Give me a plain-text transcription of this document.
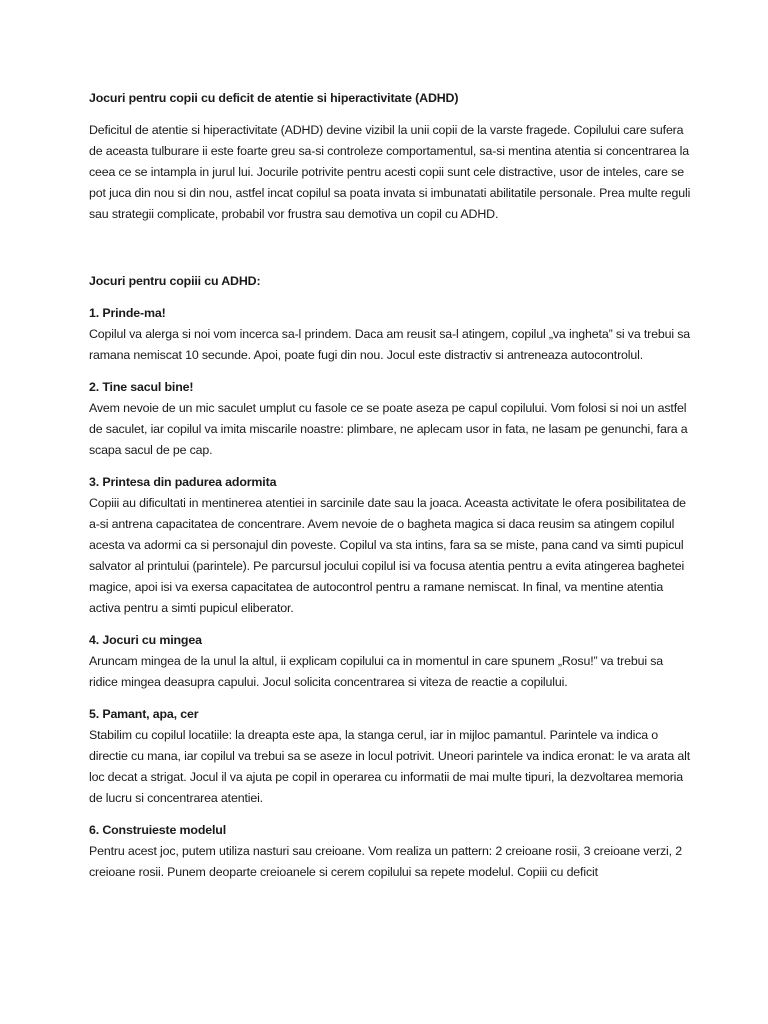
Jocuri pentru copii cu deficit de atentie si hiperactivitate (ADHD)

Deficitul de atentie si hiperactivitate (ADHD) devine vizibil la unii copii de la varste fragede. Copilului care sufera de aceasta tulburare ii este foarte greu sa-si controleze comportamentul, sa-si mentina atentia si concentrarea la ceea ce se intampla in jurul lui. Jocurile potrivite pentru acesti copii sunt cele distractive, usor de inteles, care se pot juca din nou si din nou, astfel incat copilul sa poata invata si imbunatati abilitatile personale. Prea multe reguli sau strategii complicate, probabil vor frustra sau demotiva un copil cu ADHD.

Jocuri pentru copiii cu ADHD:

1. Prinde-ma!
Copilul va alerga si noi vom incerca sa-l prindem. Daca am reusit sa-l atingem, copilul „va ingheta” si va trebui sa ramana nemiscat 10 secunde. Apoi, poate fugi din nou. Jocul este distractiv si antreneaza autocontrolul.
2. Tine sacul bine!
Avem nevoie de un mic saculet umplut cu fasole ce se poate aseza pe capul copilului. Vom folosi si noi un astfel de saculet, iar copilul va imita miscarile noastre: plimbare, ne aplecam usor in fata, ne lasam pe genunchi, fara a scapa sacul de pe cap.
3. Printesa din padurea adormita
Copiii au dificultati in mentinerea atentiei in sarcinile date sau la joaca. Aceasta activitate le ofera posibilitatea de a-si antrena capacitatea de concentrare. Avem nevoie de o bagheta magica si daca reusim sa atingem copilul acesta va adormi ca si personajul din poveste. Copilul va sta intins, fara sa se miste, pana cand va simti pupicul salvator al printului (parintele). Pe parcursul jocului copilul isi va focusa atentia pentru a evita atingerea baghetei magice, apoi isi va exersa capacitatea de autocontrol pentru a ramane nemiscat. In final, va mentine atentia activa pentru a simti pupicul eliberator.
4. Jocuri cu mingea
Aruncam mingea de la unul la altul, ii explicam copilului ca in momentul in care spunem „Rosu!” va trebui sa ridice mingea deasupra capului. Jocul solicita concentrarea si viteza de reactie a copilului.
5. Pamant, apa, cer
Stabilim cu copilul locatiile: la dreapta este apa, la stanga cerul, iar in mijloc pamantul. Parintele va indica o directie cu mana, iar copilul va trebui sa se aseze in locul potrivit. Uneori parintele va indica eronat: le va arata alt loc decat a strigat. Jocul il va ajuta pe copil in operarea cu informatii de mai multe tipuri, la dezvoltarea memoria de lucru si concentrarea atentiei.
6. Construieste modelul
Pentru acest joc, putem utiliza nasturi sau creioane. Vom realiza un pattern: 2 creioane rosii, 3 creioane verzi, 2 creioane rosii. Punem deoparte creioanele si cerem copilului sa repete modelul. Copiii cu deficit
